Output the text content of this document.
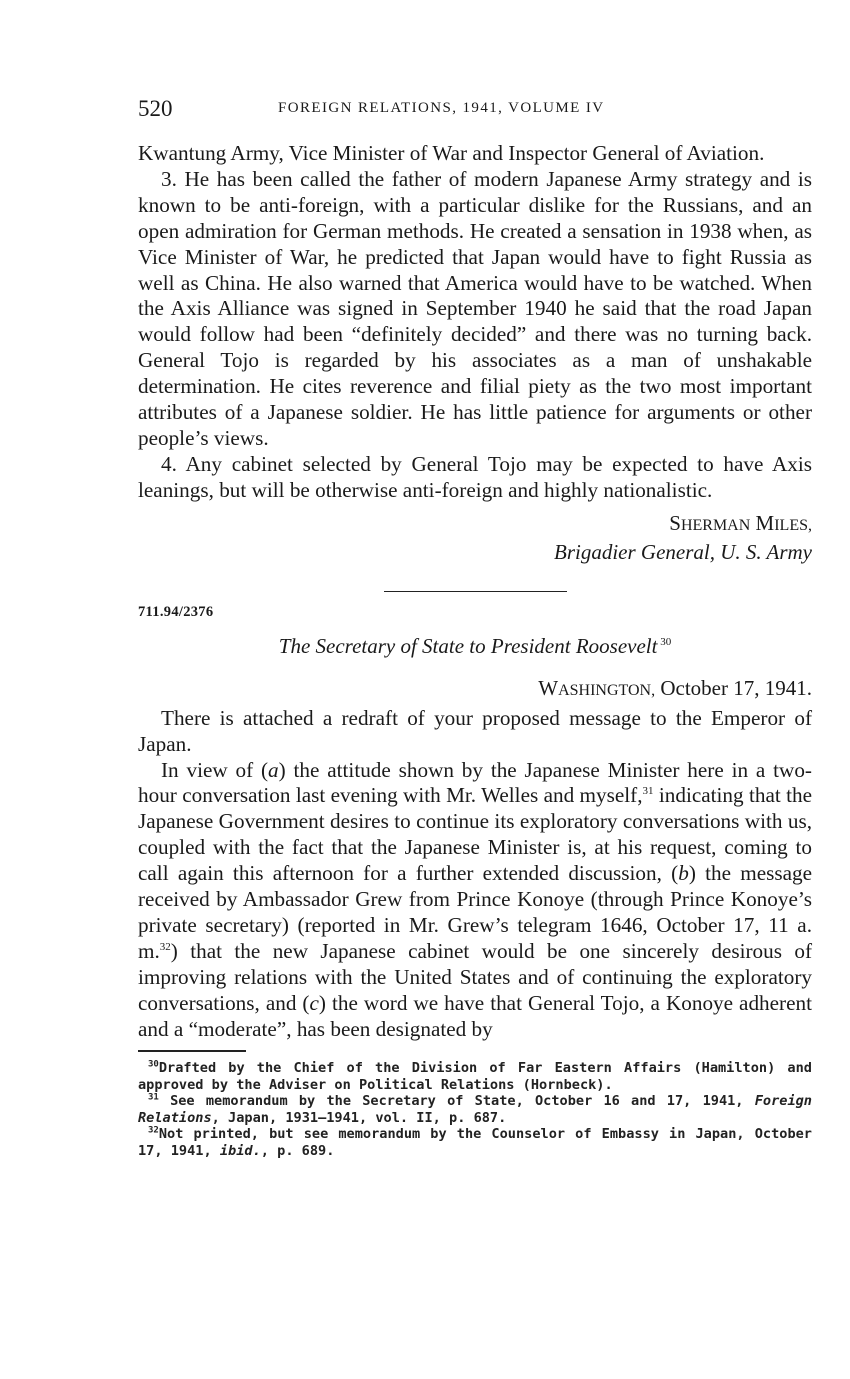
520	FOREIGN RELATIONS, 1941, VOLUME IV

Kwantung Army, Vice Minister of War and Inspector General of Aviation.

3. He has been called the father of modern Japanese Army strategy and is known to be anti-foreign, with a particular dislike for the Russians, and an open admiration for German methods. He created a sensation in 1938 when, as Vice Minister of War, he predicted that Japan would have to fight Russia as well as China. He also warned that America would have to be watched. When the Axis Alliance was signed in September 1940 he said that the road Japan would follow had been “definitely decided” and there was no turning back. General Tojo is regarded by his associates as a man of unshakable determination. He cites reverence and filial piety as the two most important attributes of a Japanese soldier. He has little patience for arguments or other people’s views.

4. Any cabinet selected by General Tojo may be expected to have Axis leanings, but will be otherwise anti-foreign and highly nationalistic.

SHERMAN MILES,
Brigadier General, U. S. Army
711.94/2376
The Secretary of State to President Roosevelt $^{30}$
WASHINGTON, October 17, 1941.

There is attached a redraft of your proposed message to the Emperor of Japan.

In view of (a) the attitude shown by the Japanese Minister here in a two-hour conversation last evening with Mr. Welles and myself,$^{31}$ indicating that the Japanese Government desires to continue its exploratory conversations with us, coupled with the fact that the Japanese Minister is, at his request, coming to call again this afternoon for a further extended discussion, (b) the message received by Ambassador Grew from Prince Konoye (through Prince Konoye’s private secretary) (reported in Mr. Grew’s telegram 1646, October 17, 11 a. m.$^{32}$) that the new Japanese cabinet would be one sincerely desirous of improving relations with the United States and of continuing the exploratory conversations, and (c) the word we have that General Tojo, a Konoye adherent and a “moderate”, has been designated by

$^{30}$Drafted by the Chief of the Division of Far Eastern Affairs (Hamilton) and approved by the Adviser on Political Relations (Hornbeck).

$^{31}$ See memorandum by the Secretary of State, October 16 and 17, 1941, Foreign Relations, Japan, 1931–1941, vol. II, p. 687.

$^{32}$Not printed, but see memorandum by the Counselor of Embassy in Japan, October 17, 1941, ibid., p. 689.
